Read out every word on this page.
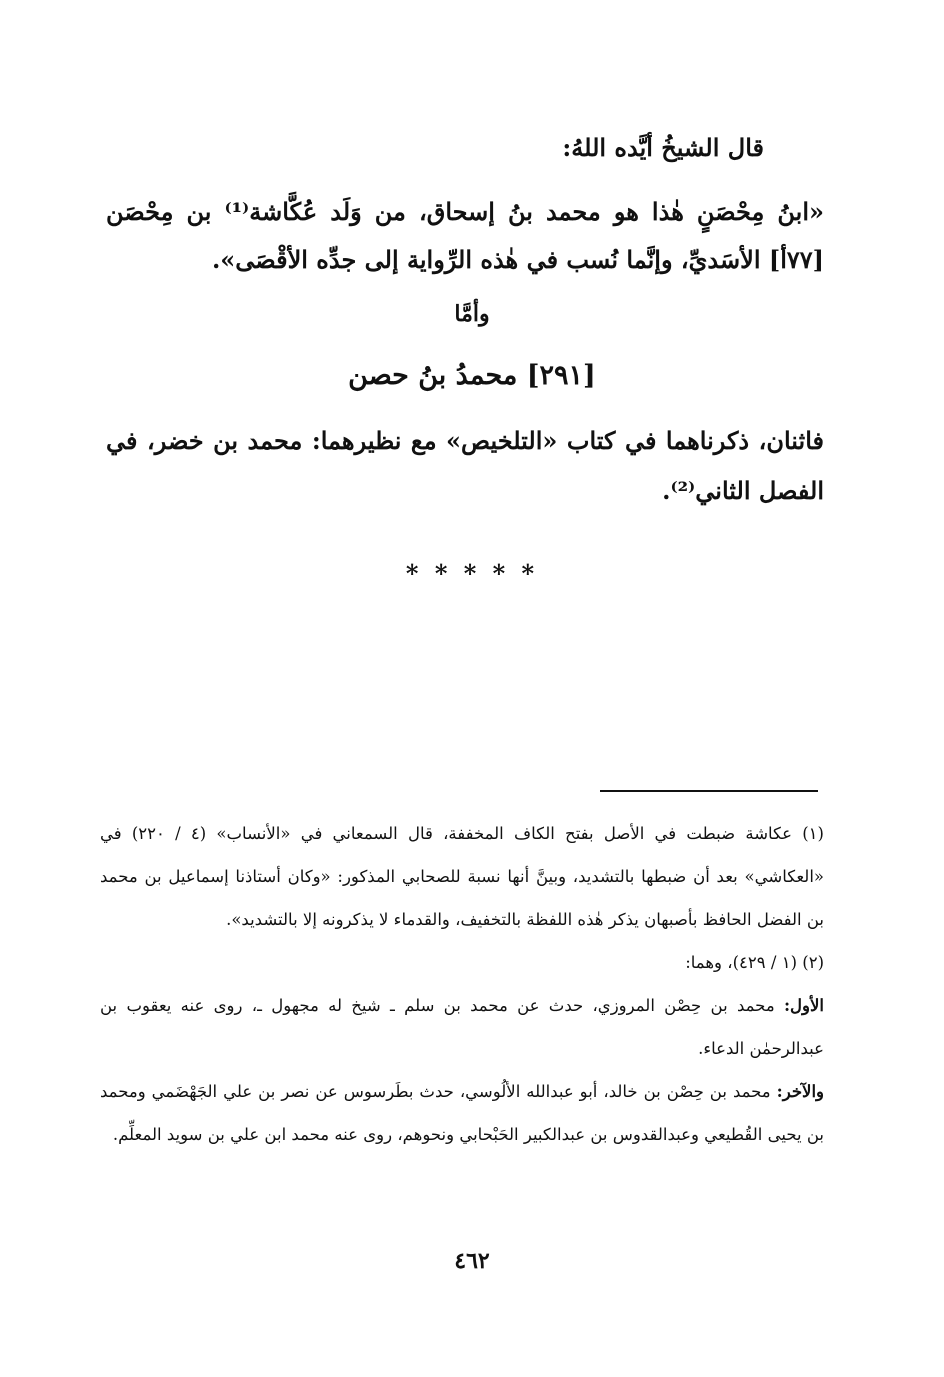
قال الشيخُ أيَّده اللهُ:
«ابنُ مِحْصَنٍ هٰذا هو محمد بنُ إسحاق، من وَلَد عُكَّاشة⁽¹⁾ بن مِحْصَن [٧٧أ] الأسَديِّ، وإنَّما نُسب في هٰذه الرِّواية إلى جدِّه الأقْصَى».
وأمَّا
[٢٩١] محمدُ بنُ حصن
فاثنان، ذكرناهما في كتاب «التلخيص» مع نظيرهما: محمد بن خضر، في الفصل الثاني⁽²⁾.
* * * * *

(١) عكاشة ضبطت في الأصل بفتح الكاف المخففة، قال السمعاني في «الأنساب» (٤ / ٢٢٠) في «العكاشي» بعد أن ضبطها بالتشديد، وبينَّ أنها نسبة للصحابي المذكور: «وكان أستاذنا إسماعيل بن محمد بن الفضل الحافظ بأصبهان يذكر هٰذه اللفظة بالتخفيف، والقدماء لا يذكرونه إلا بالتشديد».

(٢) (١ / ٤٢٩)، وهما:

الأول: محمد بن حِصْن المروزي، حدث عن محمد بن سلم ـ شيخ له مجهول ـ، روى عنه يعقوب بن عبدالرحمٰن الدعاء.

والآخر: محمد بن حِصْن بن خالد، أبو عبدالله الألُوسي، حدث بطَرسوس عن نصر بن علي الجَهْضَمي ومحمد بن يحيى القُطيعي وعبدالقدوس بن عبدالكبير الحَبْحابي ونحوهم، روى عنه محمد ابن علي بن سويد المعلِّم.

٤٦٢
